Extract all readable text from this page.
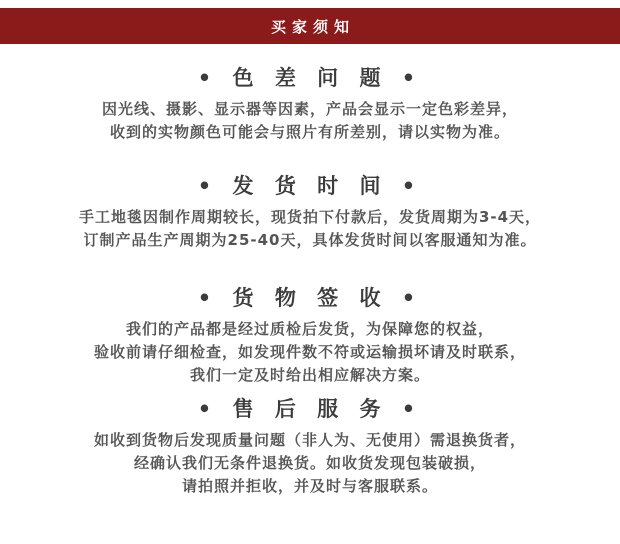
买家须知
• 色 差 问 题 •
因光线、摄影、显示器等因素，产品会显示一定色彩差异，
收到的实物颜色可能会与照片有所差别，请以实物为准。
• 发 货 时 间 •
手工地毯因制作周期较长，现货拍下付款后，发货周期为3-4天，
订制产品生产周期为25-40天，具体发货时间以客服通知为准。
• 货 物 签 收 •
我们的产品都是经过质检后发货，为保障您的权益，
验收前请仔细检查，如发现件数不符或运输损坏请及时联系，
我们一定及时给出相应解决方案。
• 售 后 服 务 •
如收到货物后发现质量问题（非人为、无使用）需退换货者，
经确认我们无条件退换货。如收货发现包装破损，
请拍照并拒收，并及时与客服联系。
